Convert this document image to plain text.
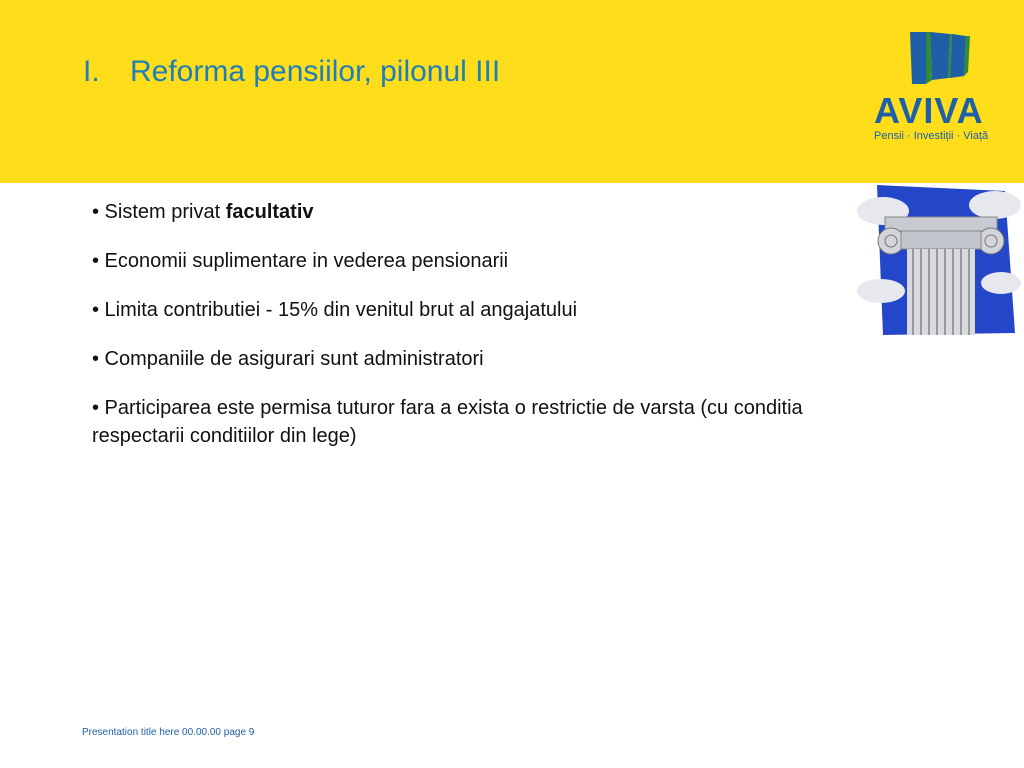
I. Reforma pensiilor, pilonul III
AVIVA
Pensii · Investiții · Viață
• Sistem privat facultativ
• Economii suplimentare in vederea pensionarii
• Limita contributiei - 15% din venitul brut al angajatului
• Companiile de asigurari sunt administratori
• Participarea este permisa tuturor fara a exista o restrictie de varsta (cu conditia respectarii conditiilor din lege)
Presentation title here 00.00.00 page 9
